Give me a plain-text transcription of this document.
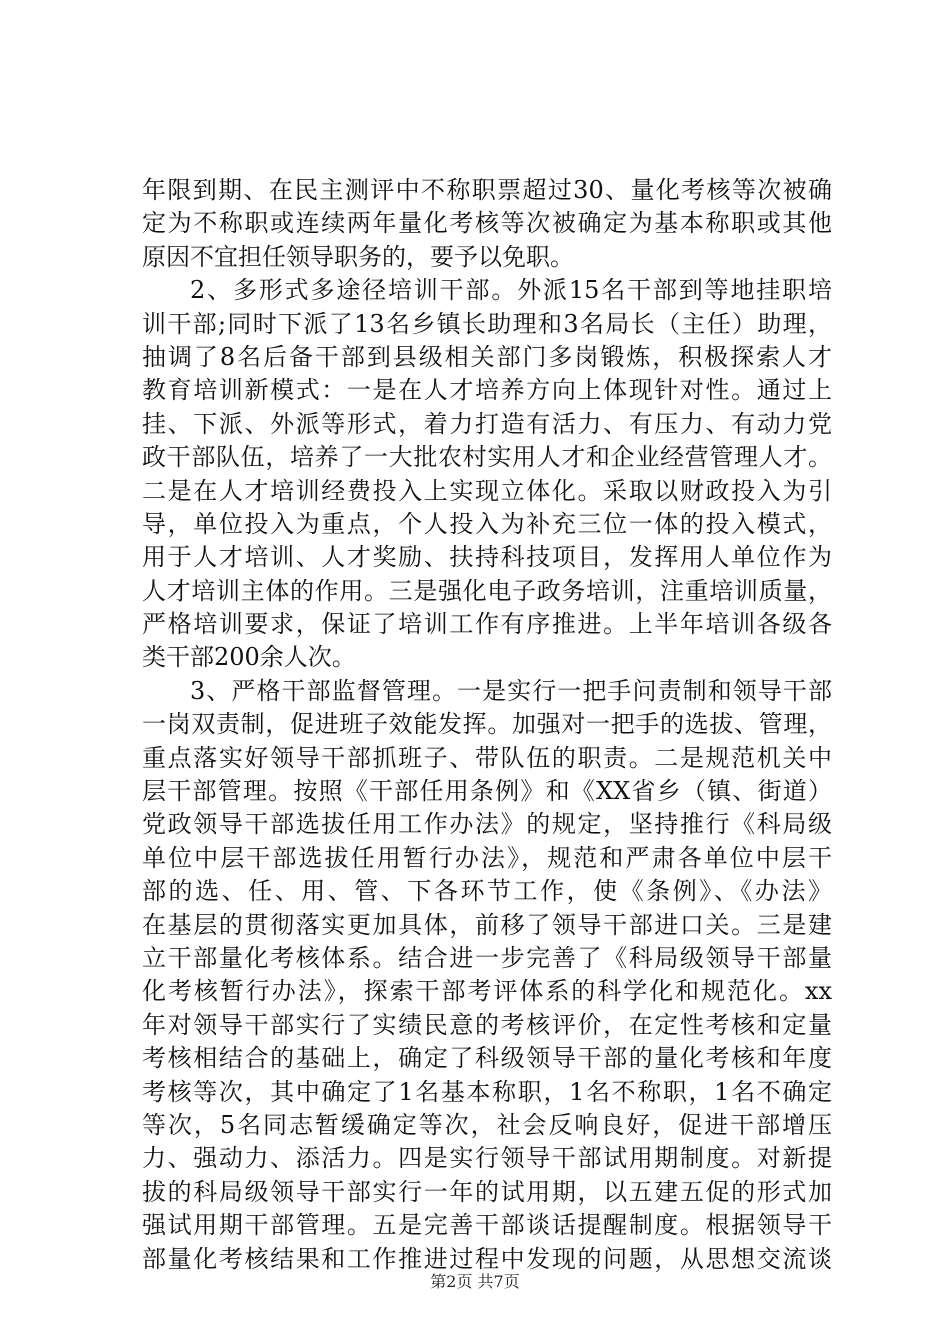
年限到期、在民主测评中不称职票超过30、量化考核等次被确
定为不称职或连续两年量化考核等次被确定为基本称职或其他
原因不宜担任领导职务的，要予以免职。
2、多形式多途径培训干部。外派15名干部到等地挂职培
训干部;同时下派了13名乡镇长助理和3名局长（主任）助理，
抽调了8名后备干部到县级相关部门多岗锻炼，积极探索人才
教育培训新模式：一是在人才培养方向上体现针对性。通过上
挂、下派、外派等形式，着力打造有活力、有压力、有动力党
政干部队伍，培养了一大批农村实用人才和企业经营管理人才。
二是在人才培训经费投入上实现立体化。采取以财政投入为引
导，单位投入为重点，个人投入为补充三位一体的投入模式，
用于人才培训、人才奖励、扶持科技项目，发挥用人单位作为
人才培训主体的作用。三是强化电子政务培训，注重培训质量，
严格培训要求，保证了培训工作有序推进。上半年培训各级各
类干部200余人次。
3、严格干部监督管理。一是实行一把手问责制和领导干部
一岗双责制，促进班子效能发挥。加强对一把手的选拔、管理，
重点落实好领导干部抓班子、带队伍的职责。二是规范机关中
层干部管理。按照《干部任用条例》和《XX省乡（镇、街道）
党政领导干部选拔任用工作办法》的规定，坚持推行《科局级
单位中层干部选拔任用暂行办法》，规范和严肃各单位中层干
部的选、任、用、管、下各环节工作，使《条例》、《办法》
在基层的贯彻落实更加具体，前移了领导干部进口关。三是建
立干部量化考核体系。结合进一步完善了《科局级领导干部量
化考核暂行办法》，探索干部考评体系的科学化和规范化。xx
年对领导干部实行了实绩民意的考核评价，在定性考核和定量
考核相结合的基础上，确定了科级领导干部的量化考核和年度
考核等次，其中确定了1名基本称职，1名不称职，1名不确定
等次，5名同志暂缓确定等次，社会反响良好，促进干部增压
力、强动力、添活力。四是实行领导干部试用期制度。对新提
拔的科局级领导干部实行一年的试用期，以五建五促的形式加
强试用期干部管理。五是完善干部谈话提醒制度。根据领导干
部量化考核结果和工作推进过程中发现的问题，从思想交流谈
第2页 共7页
